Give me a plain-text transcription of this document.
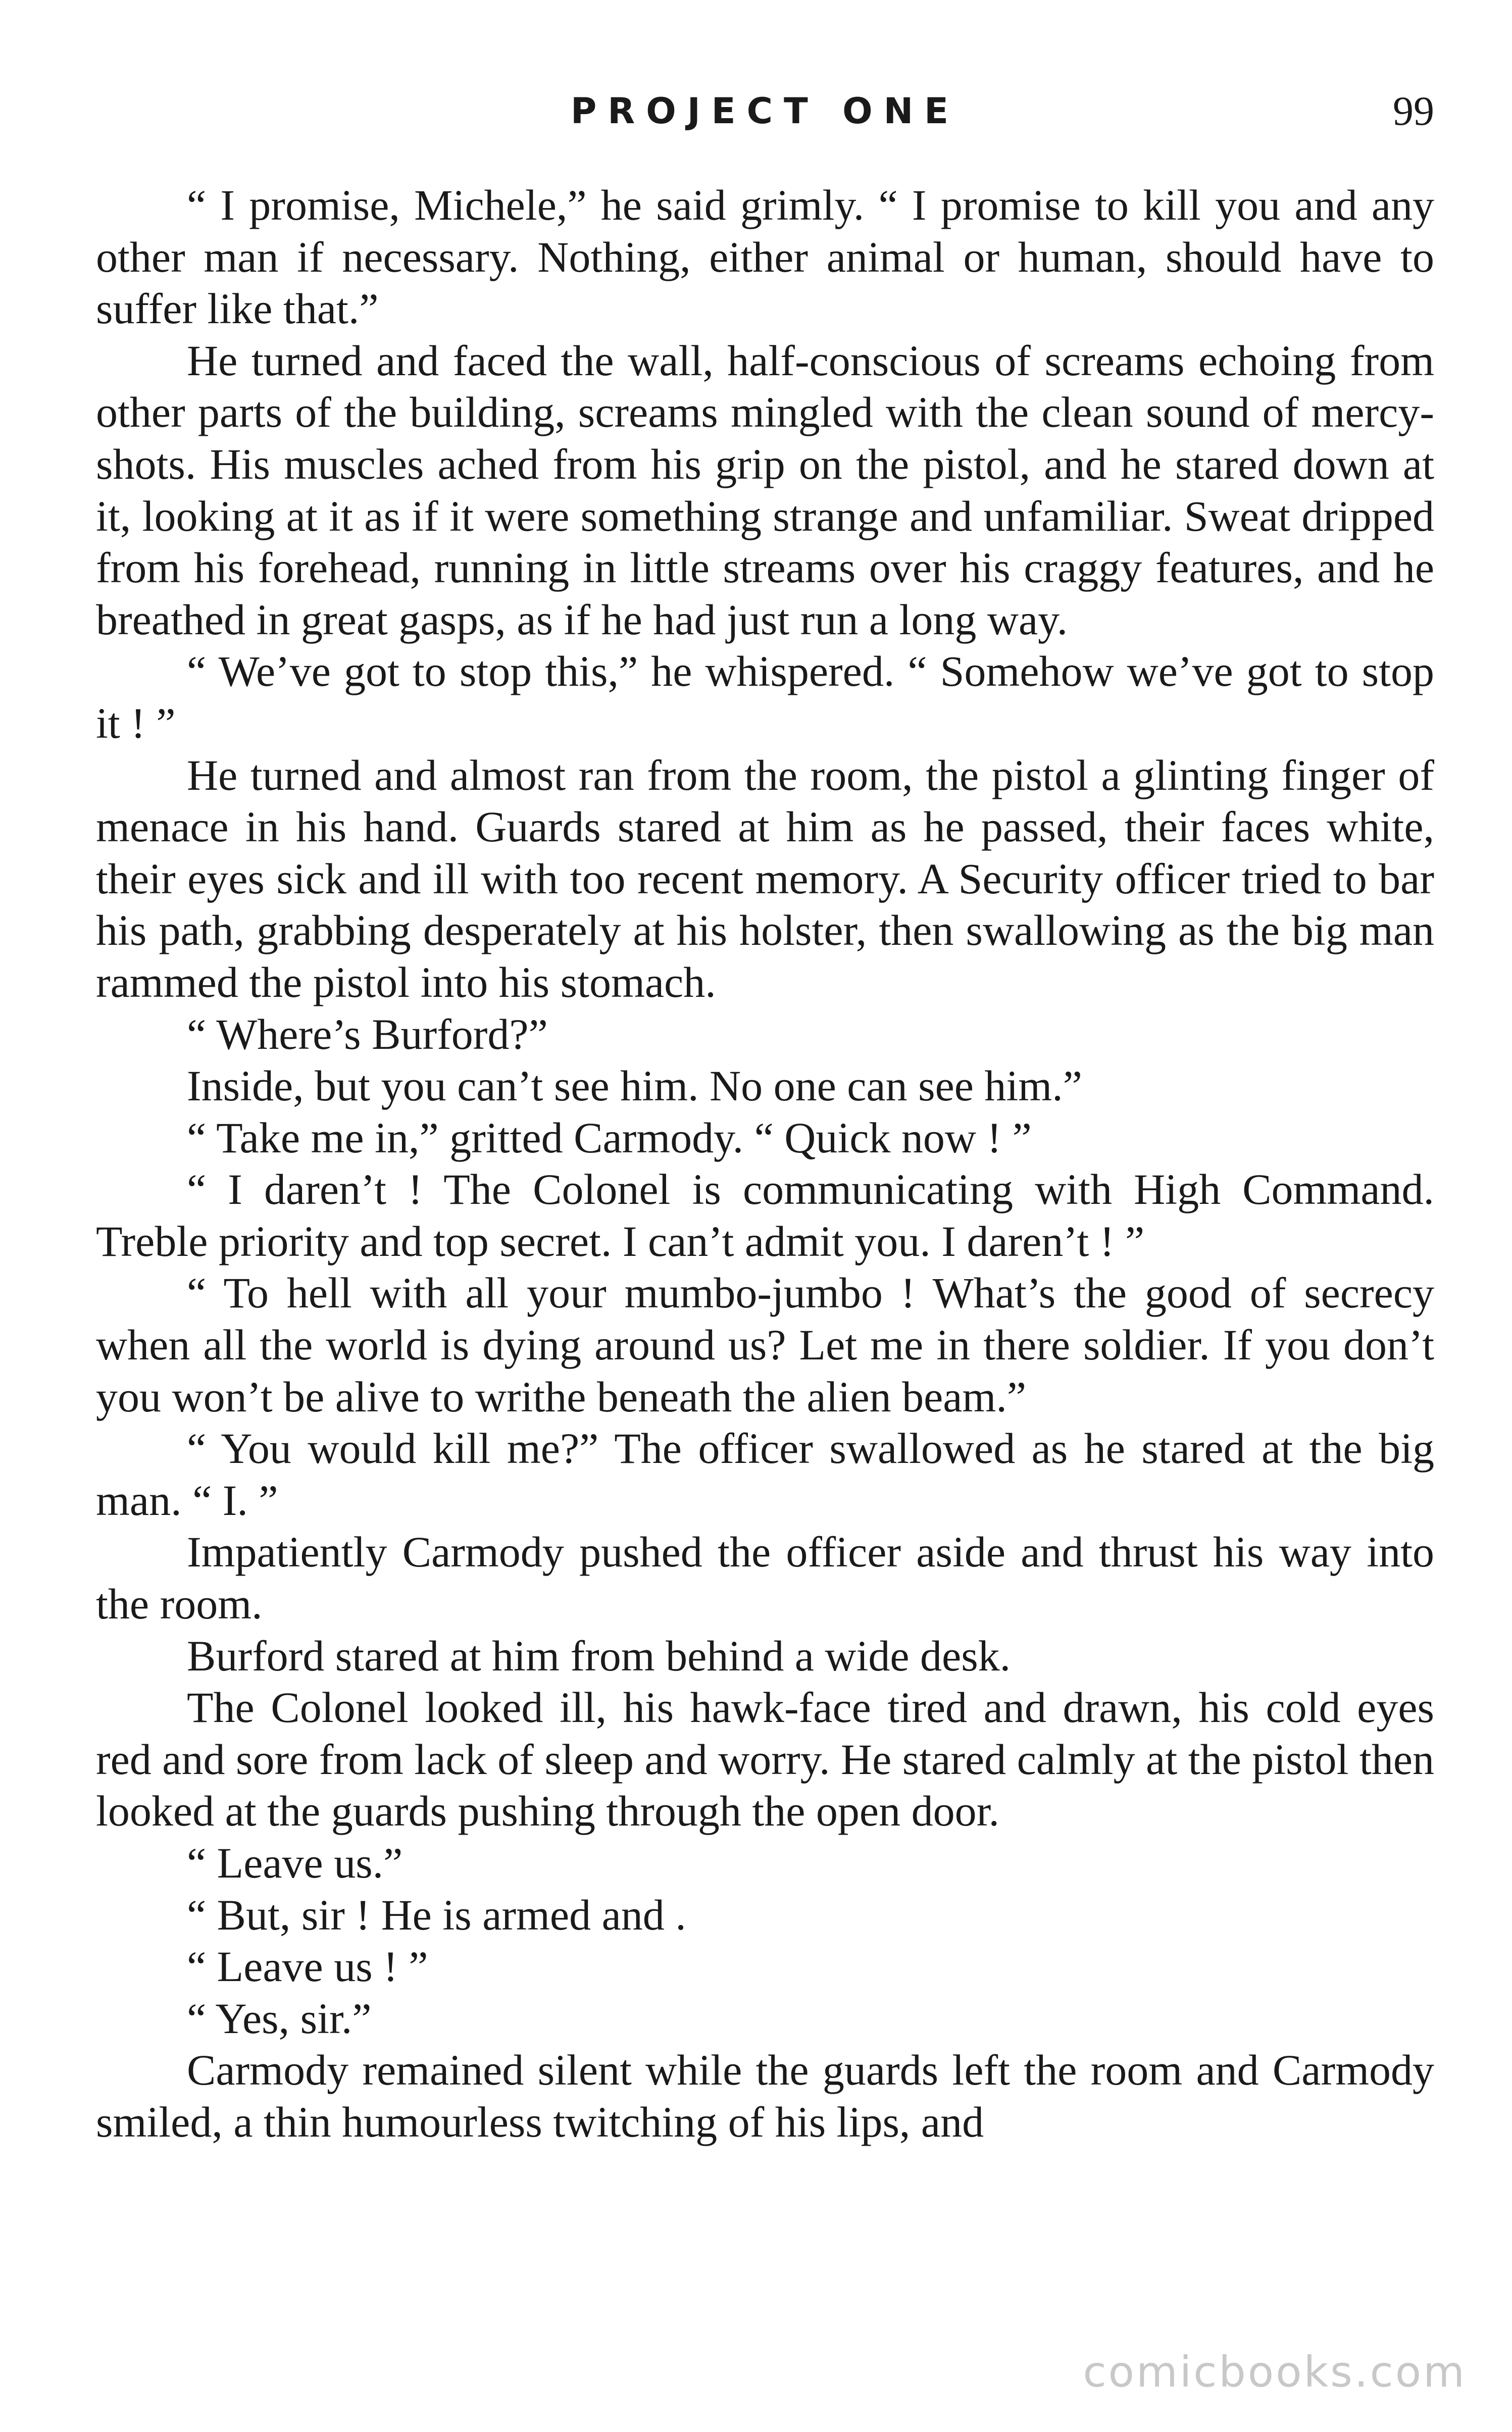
PROJECT ONE	99

“ I promise, Michele,” he said grimly. “ I promise to kill you and any other man if necessary. Nothing, either animal or human, should have to suffer like that.”

He turned and faced the wall, half-conscious of screams echoing from other parts of the building, screams mingled with the clean sound of mercy-shots. His muscles ached from his grip on the pistol, and he stared down at it, looking at it as if it were something strange and unfamiliar. Sweat dripped from his forehead, running in little streams over his craggy features, and he breathed in great gasps, as if he had just run a long way.

“ We’ve got to stop this,” he whispered. “ Somehow we’ve got to stop it ! ”

He turned and almost ran from the room, the pistol a glinting finger of menace in his hand. Guards stared at him as he passed, their faces white, their eyes sick and ill with too recent memory. A Security officer tried to bar his path, grabbing desperately at his holster, then swallowing as the big man rammed the pistol into his stomach.

“ Where’s Burford?”

Inside, but you can’t see him. No one can see him.”

“ Take me in,” gritted Carmody. “ Quick now ! ”

“ I daren’t ! The Colonel is communicating with High Command. Treble priority and top secret. I can’t admit you. I daren’t ! ”

“ To hell with all your mumbo-jumbo ! What’s the good of secrecy when all the world is dying around us? Let me in there soldier. If you don’t you won’t be alive to writhe beneath the alien beam.”

“ You would kill me?” The officer swallowed as he stared at the big man. “ I. ”

Impatiently Carmody pushed the officer aside and thrust his way into the room.

Burford stared at him from behind a wide desk.

The Colonel looked ill, his hawk-face tired and drawn, his cold eyes red and sore from lack of sleep and worry. He stared calmly at the pistol then looked at the guards pushing through the open door.

“ Leave us.”

“ But, sir ! He is armed and .

“ Leave us ! ”

“ Yes, sir.”

Carmody remained silent while the guards left the room and Carmody smiled, a thin humourless twitching of his lips, and

comicbooks.com
